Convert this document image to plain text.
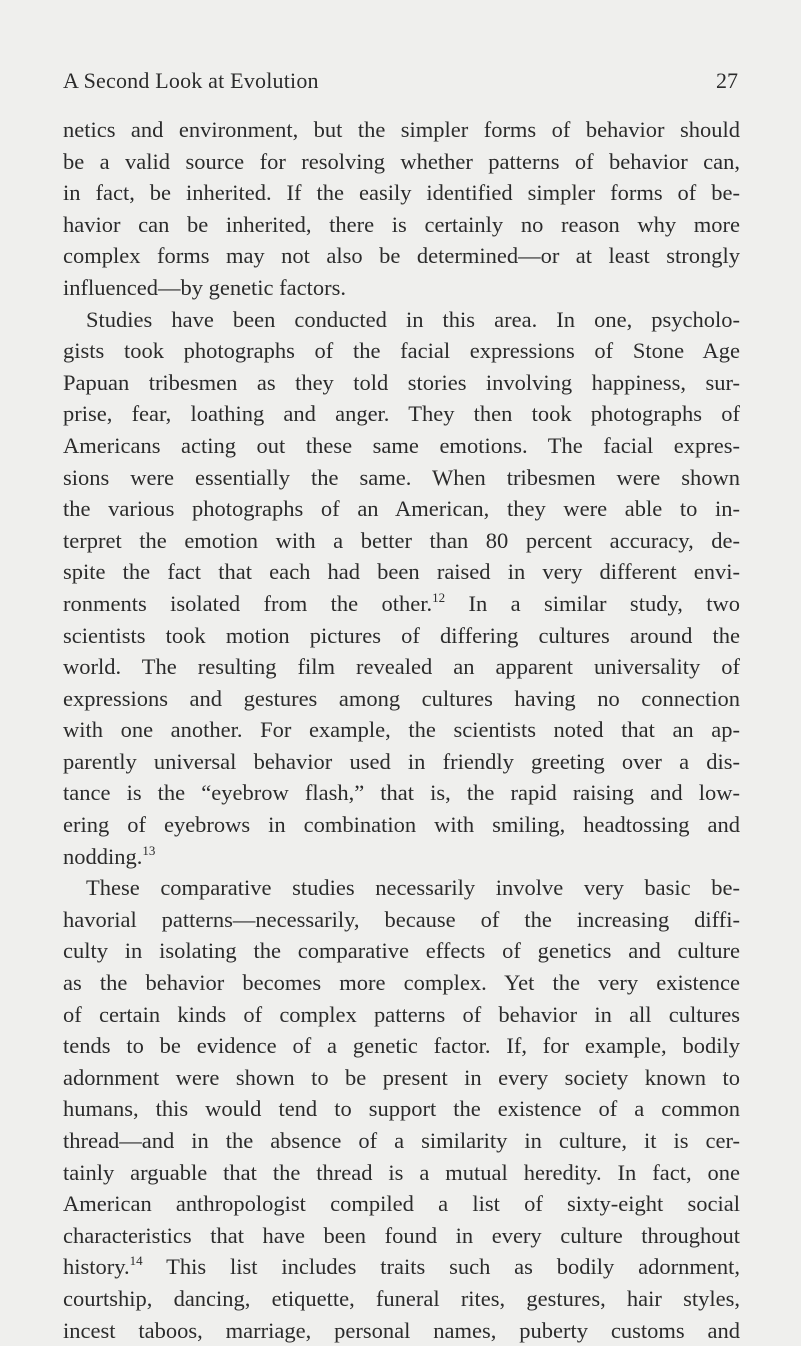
A Second Look at Evolution	27
netics and environment, but the simpler forms of behavior should
be a valid source for resolving whether patterns of behavior can,
in fact, be inherited. If the easily identified simpler forms of be-
havior can be inherited, there is certainly no reason why more
complex forms may not also be determined—or at least strongly
influenced—by genetic factors.
Studies have been conducted in this area. In one, psycholo-
gists took photographs of the facial expressions of Stone Age
Papuan tribesmen as they told stories involving happiness, sur-
prise, fear, loathing and anger. They then took photographs of
Americans acting out these same emotions. The facial expres-
sions were essentially the same. When tribesmen were shown
the various photographs of an American, they were able to in-
terpret the emotion with a better than 80 percent accuracy, de-
spite the fact that each had been raised in very different envi-
ronments isolated from the other.$^{12}$ In a similar study, two
scientists took motion pictures of differing cultures around the
world. The resulting film revealed an apparent universality of
expressions and gestures among cultures having no connection
with one another. For example, the scientists noted that an ap-
parently universal behavior used in friendly greeting over a dis-
tance is the “eyebrow flash,” that is, the rapid raising and low-
ering of eyebrows in combination with smiling, headtossing and
nodding.$^{13}$
These comparative studies necessarily involve very basic be-
havorial patterns—necessarily, because of the increasing diffi-
culty in isolating the comparative effects of genetics and culture
as the behavior becomes more complex. Yet the very existence
of certain kinds of complex patterns of behavior in all cultures
tends to be evidence of a genetic factor. If, for example, bodily
adornment were shown to be present in every society known to
humans, this would tend to support the existence of a common
thread—and in the absence of a similarity in culture, it is cer-
tainly arguable that the thread is a mutual heredity. In fact, one
American anthropologist compiled a list of sixty-eight social
characteristics that have been found in every culture throughout
history.$^{14}$ This list includes traits such as bodily adornment,
courtship, dancing, etiquette, funeral rites, gestures, hair styles,
incest taboos, marriage, personal names, puberty customs and
